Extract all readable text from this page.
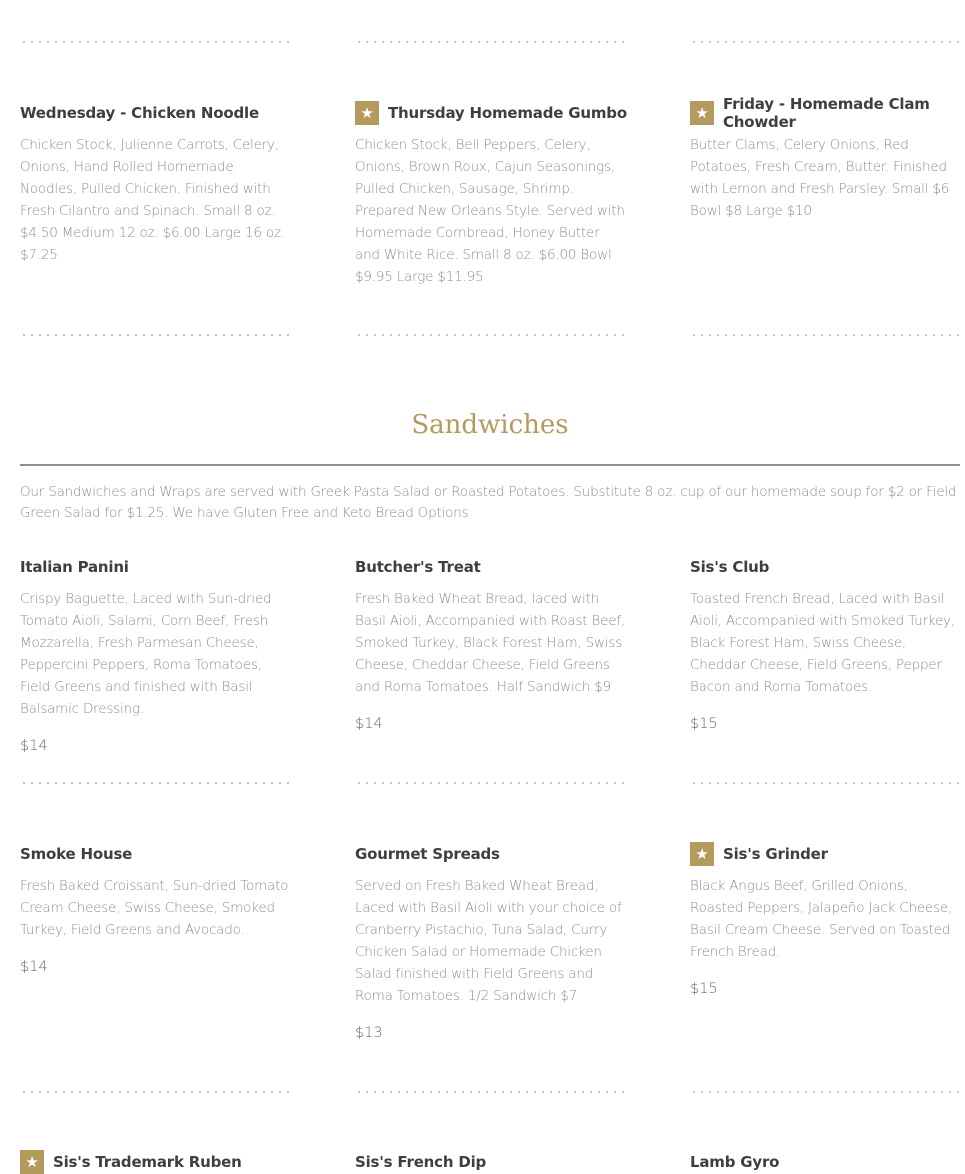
Wednesday - Chicken Noodle

Chicken Stock, Julienne Carrots, Celery, Onions, Hand Rolled Homemade Noodles, Pulled Chicken. Finished with Fresh Cilantro and Spinach. Small 8 oz. $4.50 Medium 12 oz. $6.00 Large 16 oz. $7.25

★ Thursday Homemade Gumbo

Chicken Stock, Bell Peppers, Celery, Onions, Brown Roux, Cajun Seasonings, Pulled Chicken, Sausage, Shrimp. Prepared New Orleans Style. Served with Homemade Cornbread, Honey Butter and White Rice. Small 8 oz. $6.00 Bowl $9.95 Large $11.95

★ Friday - Homemade Clam Chowder

Butter Clams, Celery Onions, Red Potatoes, Fresh Cream, Butter. Finished with Lemon and Fresh Parsley. Small $6 Bowl $8 Large $10

Sandwiches

Our Sandwiches and Wraps are served with Greek Pasta Salad or Roasted Potatoes. Substitute 8 oz. cup of our homemade soup for $2 or Field Green Salad for $1.25. We have Gluten Free and Keto Bread Options

Italian Panini

Crispy Baguette, Laced with Sun-dried Tomato Aioli, Salami, Corn Beef, Fresh Mozzarella, Fresh Parmesan Cheese, Peppercini Peppers, Roma Tomatoes, Field Greens and finished with Basil Balsamic Dressing.

$14

Butcher's Treat

Fresh Baked Wheat Bread, laced with Basil Aioli, Accompanied with Roast Beef, Smoked Turkey, Black Forest Ham, Swiss Cheese, Cheddar Cheese, Field Greens and Roma Tomatoes. Half Sandwich $9

$14

Sis's Club

Toasted French Bread, Laced with Basil Aioli, Accompanied with Smoked Turkey, Black Forest Ham, Swiss Cheese, Cheddar Cheese, Field Greens, Pepper Bacon and Roma Tomatoes.

$15

Smoke House

Fresh Baked Croissant, Sun-dried Tomato Cream Cheese, Swiss Cheese, Smoked Turkey, Field Greens and Avocado.

$14

Gourmet Spreads

Served on Fresh Baked Wheat Bread, Laced with Basil Aioli with your choice of Cranberry Pistachio, Tuna Salad, Curry Chicken Salad or Homemade Chicken Salad finished with Field Greens and Roma Tomatoes. 1/2 Sandwich $7

$13

★ Sis's Grinder

Black Angus Beef, Grilled Onions, Roasted Peppers, Jalapeño Jack Cheese, Basil Cream Cheese. Served on Toasted French Bread.

$15

★ Sis's Trademark Ruben	Sis's French Dip	Lamb Gyro
